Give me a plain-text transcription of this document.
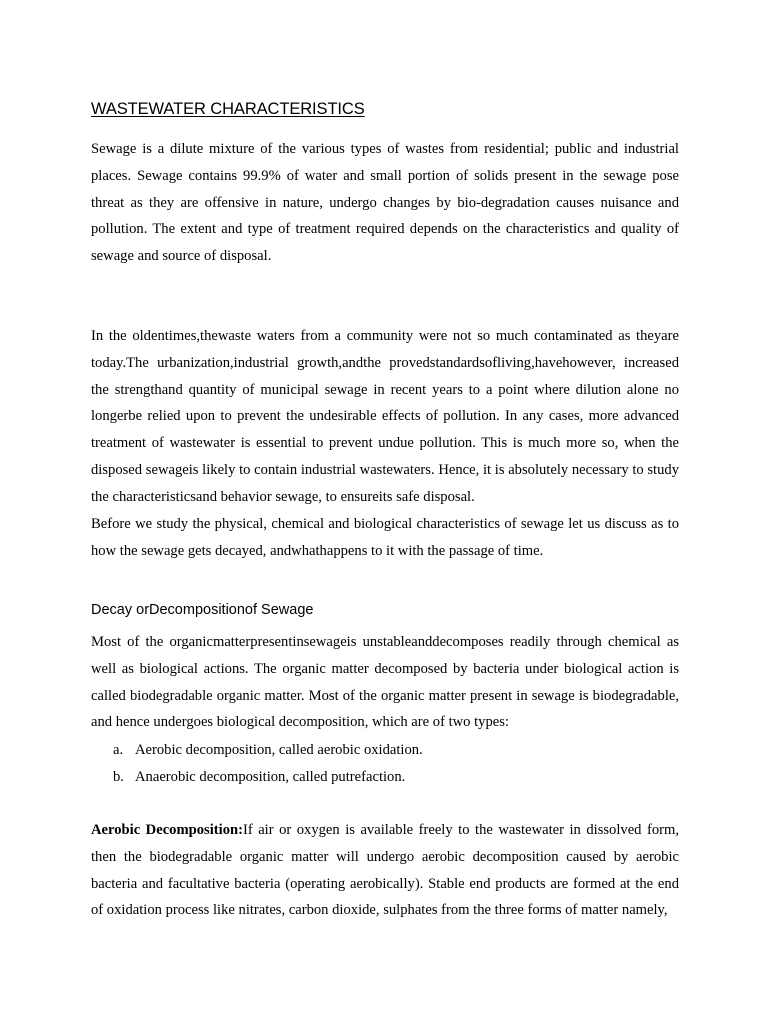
WASTEWATER CHARACTERISTICS

Sewage is a dilute mixture of the various types of wastes from residential; public and industrial places. Sewage contains 99.9% of water and small portion of solids present in the sewage pose threat as they are offensive in nature, undergo changes by bio-degradation causes nuisance and pollution. The extent and type of treatment required depends on the characteristics and quality of sewage and source of disposal.

In the oldentimes,thewaste waters from a community were not so much contaminated as theyare today.The urbanization,industrial growth,andthe provedstandardsofliving,havehowever, increased the strengthand quantity of municipal sewage in recent years to a point where dilution alone no longerbe relied upon to prevent the undesirable effects of pollution. In any cases, more advanced treatment of wastewater is essential to prevent undue pollution. This is much more so, when the disposed sewageis likely to contain industrial wastewaters. Hence, it is absolutely necessary to study the characteristicsand behavior sewage, to ensureits safe disposal.

Before we study the physical, chemical and biological characteristics of sewage let us discuss as to how the sewage gets decayed, andwhathappens to it with the passage of time.

Decay orDecompositionof Sewage

Most of the organicmatterpresentinsewageis unstableanddecomposes readily through chemical as well as biological actions. The organic matter decomposed by bacteria under biological action is called biodegradable organic matter. Most of the organic matter present in sewage is biodegradable, and hence undergoes biological decomposition, which are of two types:

a. Aerobic decomposition, called aerobic oxidation.
b. Anaerobic decomposition, called putrefaction.

Aerobic Decomposition:If air or oxygen is available freely to the wastewater in dissolved form, then the biodegradable organic matter will undergo aerobic decomposition caused by aerobic bacteria and facultative bacteria (operating aerobically). Stable end products are formed at the end of oxidation process like nitrates, carbon dioxide, sulphates from the three forms of matter namely,
